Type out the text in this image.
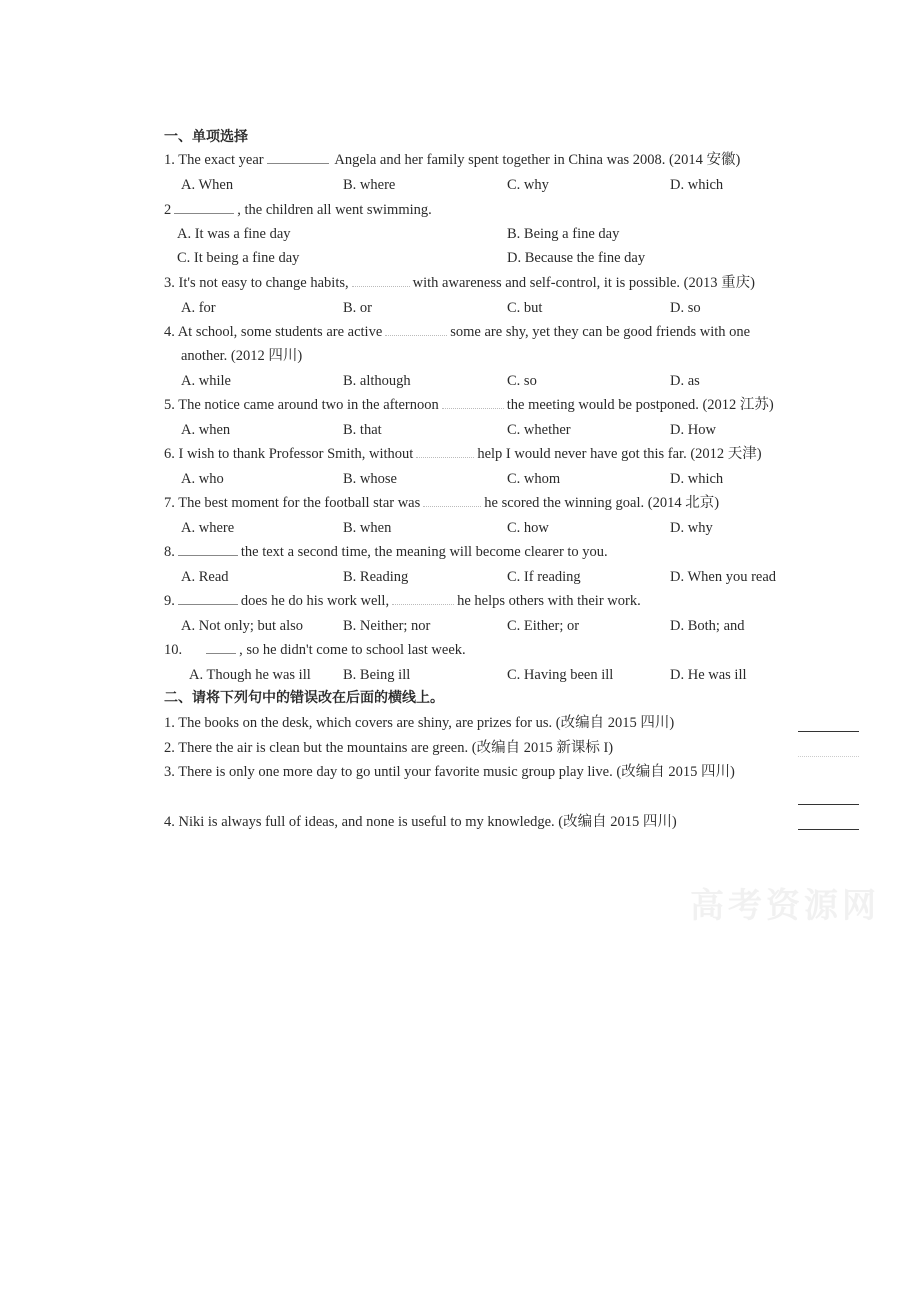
一、单项选择
1. The exact year	Angela and her family spent together in China was 2008. (2014 安徽)
A. When	B. where	C. why	D. which
2	, the children all went swimming.
A. It was a fine day	B. Being a fine day
C. It being a fine day	D. Because the fine day
3. It's not easy to change habits,	with awareness and self‐control, it is possible. (2013 重庆)
A. for	B. or	C. but	D. so
4. At school, some students are active	some are shy, yet they can be good friends with one
another. (2012 四川)
A. while	B. although	C. so	D. as
5. The notice came around two in the afternoon	the meeting would be postponed. (2012 江苏)
A. when	B. that	C. whether	D. How
6. I wish to thank Professor Smith, without	help I would never have got this far. (2012 天津)
A. who	B. whose	C. whom	D. which
7. The best moment for the football star was	he scored the winning goal. (2014 北京)
A. where	B. when	C. how	D. why
8.	the text a second time, the meaning will become clearer to you.
A. Read	B. Reading	C. If reading	D. When you read
9.	does he do his work well,	he helps others with their work.
A. Not only; but also	B. Neither; nor	C. Either; or	D. Both; and
10.	, so he didn't come to school last week.
A. Though he was ill B. Being ill	C. Having been ill	D. He was ill
二、请将下列句中的错误改在后面的横线上。
1. The books on the desk, which covers are shiny, are prizes for us. (改编自 2015 四川)
2. There the air is clean but the mountains are green. (改编自 2015 新课标 I)
3. There is only one more day to go until your favorite music group play live. (改编自 2015 四川)
4. Niki is always full of ideas, and none is useful to my knowledge. (改编自 2015 四川)
高考资源网
